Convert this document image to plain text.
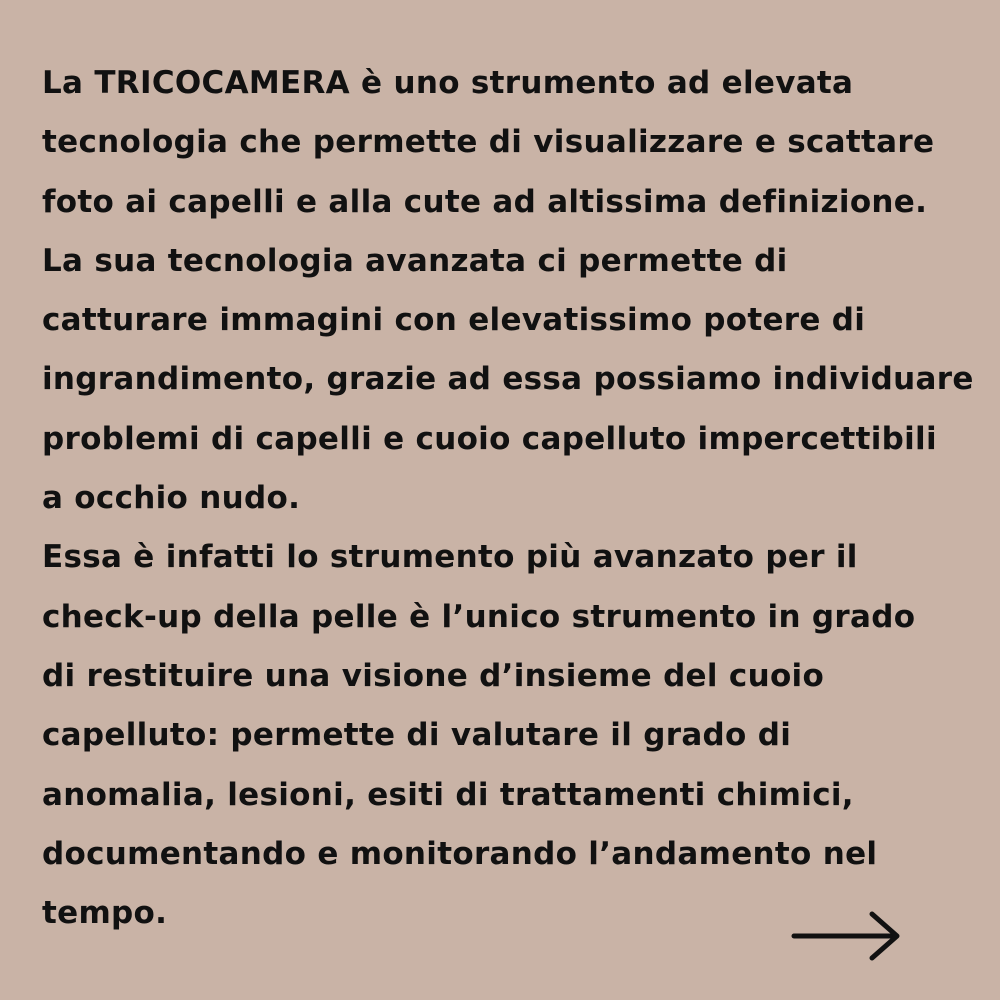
La TRICOCAMERA è uno strumento ad elevata
tecnologia che permette di visualizzare e scattare
foto ai capelli e alla cute ad altissima definizione.
La sua tecnologia avanzata ci permette di
catturare immagini con elevatissimo potere di
ingrandimento, grazie ad essa possiamo individuare
problemi di capelli e cuoio capelluto impercettibili
a occhio nudo.
Essa è infatti lo strumento più avanzato per il
check-up della pelle è l’unico strumento in grado
di restituire una visione d’insieme del cuoio
capelluto: permette di valutare il grado di
anomalia, lesioni, esiti di trattamenti chimici,
documentando e monitorando l’andamento nel
tempo.
